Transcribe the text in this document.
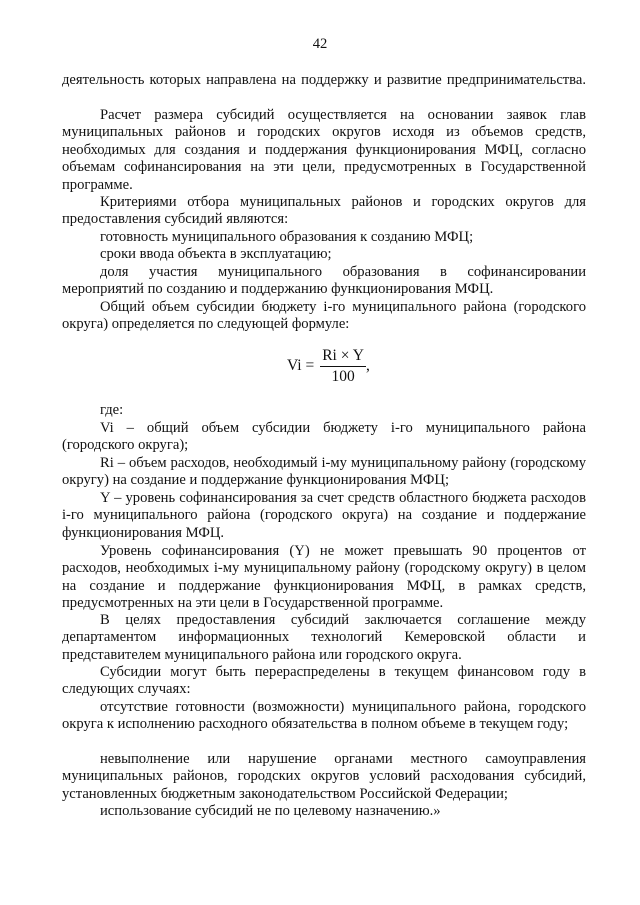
42
деятельность которых направлена на поддержку и развитие предпринимательства.
Расчет размера субсидий осуществляется на основании заявок глав муниципальных районов и городских округов исходя из объемов средств, необходимых для создания и поддержания функционирования МФЦ, согласно объемам софинансирования на эти цели, предусмотренных в Государственной программе.
Критериями отбора муниципальных районов и городских округов для предоставления субсидий являются:
готовность муниципального образования к созданию МФЦ;
сроки ввода объекта в эксплуатацию;
доля участия муниципального образования в софинансировании мероприятий по созданию и поддержанию функционирования МФЦ.
Общий объем субсидии бюджету i-го муниципального района (городского округа) определяется по следующей формуле:
$Vi = \frac{Ri \times Y}{100}$ ,
где:
Vi – общий объем субсидии бюджету i-го муниципального района (городского округа);
Ri – объем расходов, необходимый i-му муниципальному району (городскому округу) на создание и поддержание функционирования МФЦ;
Y – уровень софинансирования за счет средств областного бюджета расходов i-го муниципального района (городского округа) на создание и поддержание функционирования МФЦ.
Уровень софинансирования (Y) не может превышать 90 процентов от расходов, необходимых i-му муниципальному району (городскому округу) в целом на создание и поддержание функционирования МФЦ, в рамках средств, предусмотренных на эти цели в Государственной программе.
В целях предоставления субсидий заключается соглашение между департаментом информационных технологий Кемеровской области и представителем муниципального района или городского округа.
Субсидии могут быть перераспределены в текущем финансовом году в следующих случаях:
отсутствие готовности (возможности) муниципального района, городского округа к исполнению расходного обязательства в полном объеме в текущем году;
невыполнение или нарушение органами местного самоуправления муниципальных районов, городских округов условий расходования субсидий, установленных бюджетным законодательством Российской Федерации;
использование субсидий не по целевому назначению.»
